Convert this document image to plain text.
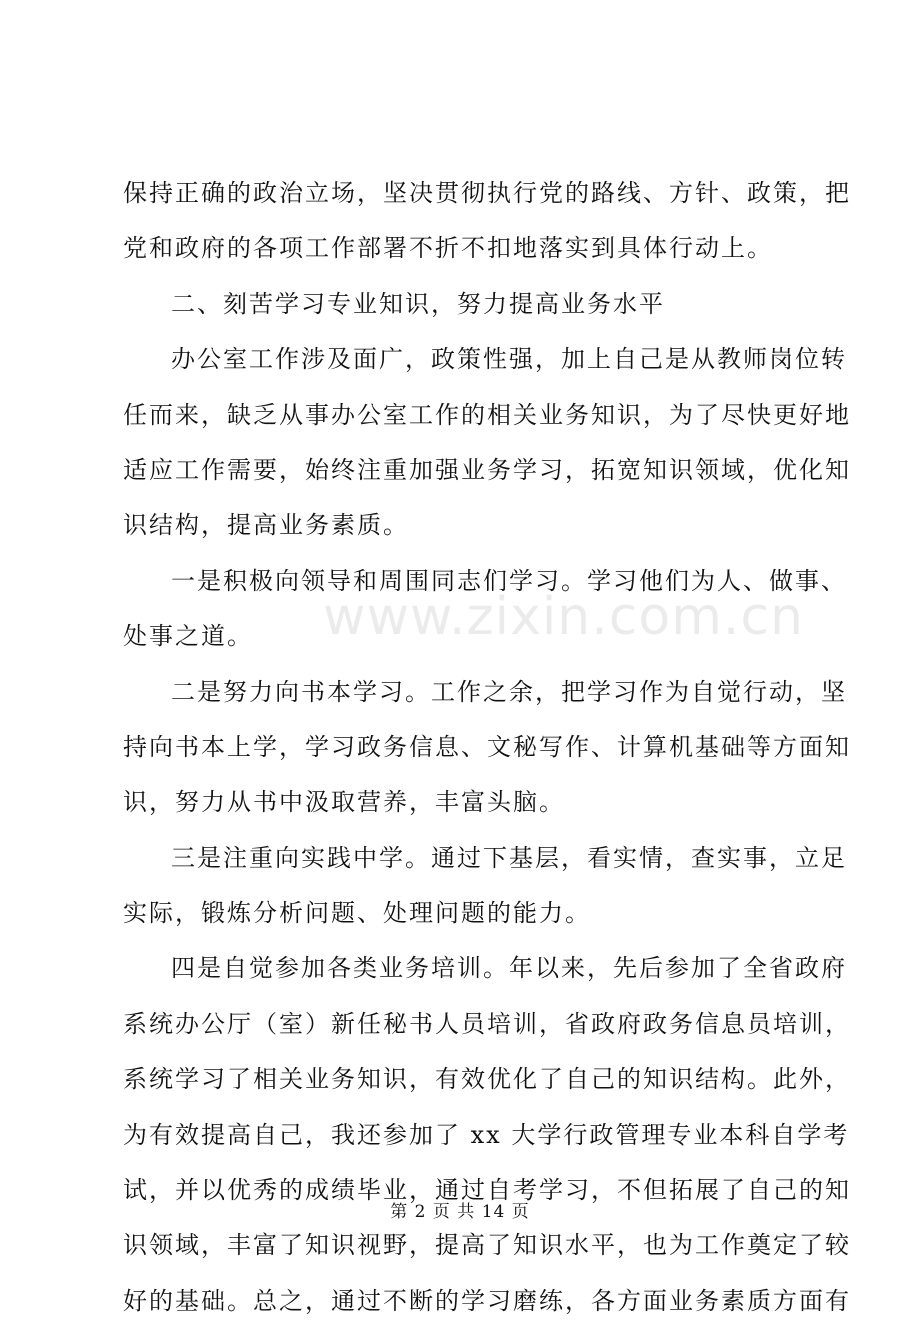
www.zixin.com.cn
保持正确的政治立场，坚决贯彻执行党的路线、方针、政策，把
党和政府的各项工作部署不折不扣地落实到具体行动上。
二、刻苦学习专业知识，努力提高业务水平
办公室工作涉及面广，政策性强，加上自己是从教师岗位转
任而来，缺乏从事办公室工作的相关业务知识，为了尽快更好地
适应工作需要，始终注重加强业务学习，拓宽知识领域，优化知
识结构，提高业务素质。
一是积极向领导和周围同志们学习。学习他们为人、做事、
处事之道。
二是努力向书本学习。工作之余，把学习作为自觉行动，坚
持向书本上学，学习政务信息、文秘写作、计算机基础等方面知
识，努力从书中汲取营养，丰富头脑。
三是注重向实践中学。通过下基层，看实情，查实事，立足
实际，锻炼分析问题、处理问题的能力。
四是自觉参加各类业务培训。年以来，先后参加了全省政府
系统办公厅（室）新任秘书人员培训，省政府政务信息员培训，
系统学习了相关业务知识，有效优化了自己的知识结构。此外，
为有效提高自己，我还参加了 xx 大学行政管理专业本科自学考
试，并以优秀的成绩毕业，通过自考学习，不但拓展了自己的知
识领域，丰富了知识视野，提高了知识水平，也为工作奠定了较
好的基础。总之，通过不断的学习磨练，各方面业务素质方面有
第 2 页 共 14 页
